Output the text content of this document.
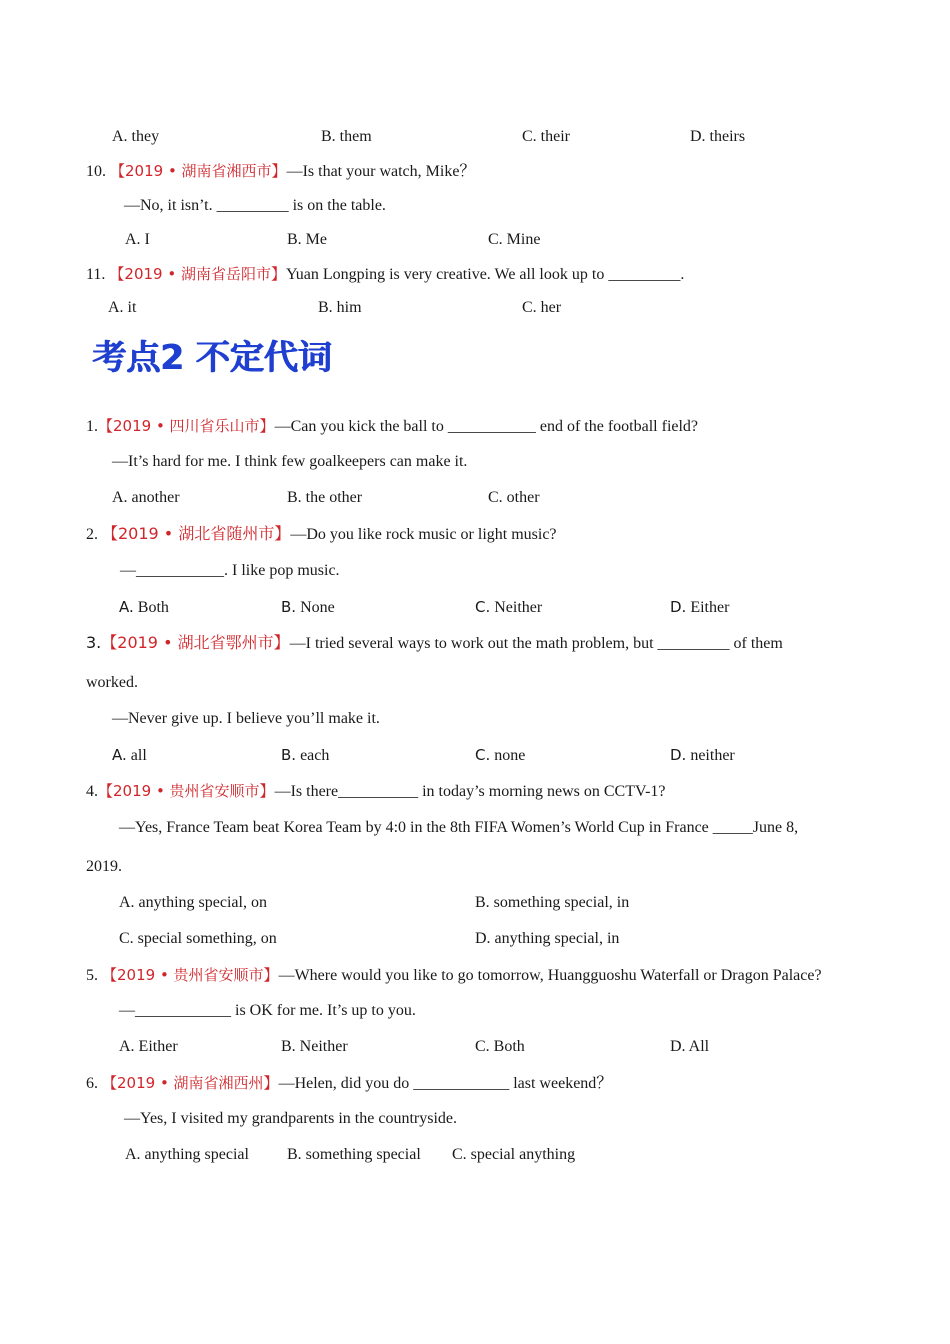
A. they	B. them	C. their	D. theirs
10. 【2019 • 湖南省湘西市】—Is that your watch, Mike？
—No, it isn’t. _________ is on the table.
A. I	B. Me	C. Mine
11. 【2019 • 湖南省岳阳市】Yuan Longping is very creative. We all look up to _________.
A. it	B. him	C. her
考点2 不定代词
1.【2019 • 四川省乐山市】—Can you kick the ball to ___________ end of the football field?
—It’s hard for me. I think few goalkeepers can make it.
A. another	B. the other	C. other
2. 【2019 • 湖北省随州市】—Do you like rock music or light music?
—___________. I like pop music.
A. Both	B. None	C. Neither	D. Either
3.【2019 • 湖北省鄂州市】—I tried several ways to work out the math problem, but _________ of them
worked.
—Never give up. I believe you’ll make it.
A. all	B. each	C. none	D. neither
4.【2019 • 贵州省安顺市】—Is there__________ in today’s morning news on CCTV-1?
—Yes, France Team beat Korea Team by 4:0 in the 8th FIFA Women’s World Cup in France _____June 8,
2019.
A. anything special, on	B. something special, in
C. special something, on	D. anything special, in
5. 【2019 • 贵州省安顺市】—Where would you like to go tomorrow, Huangguoshu Waterfall or Dragon Palace?
—____________ is OK for me. It’s up to you.
A. Either	B. Neither	C. Both	D. All
6. 【2019 • 湖南省湘西州】—Helen, did you do ____________ last weekend？
—Yes, I visited my grandparents in the countryside.
A. anything special B. something special C. special anything
